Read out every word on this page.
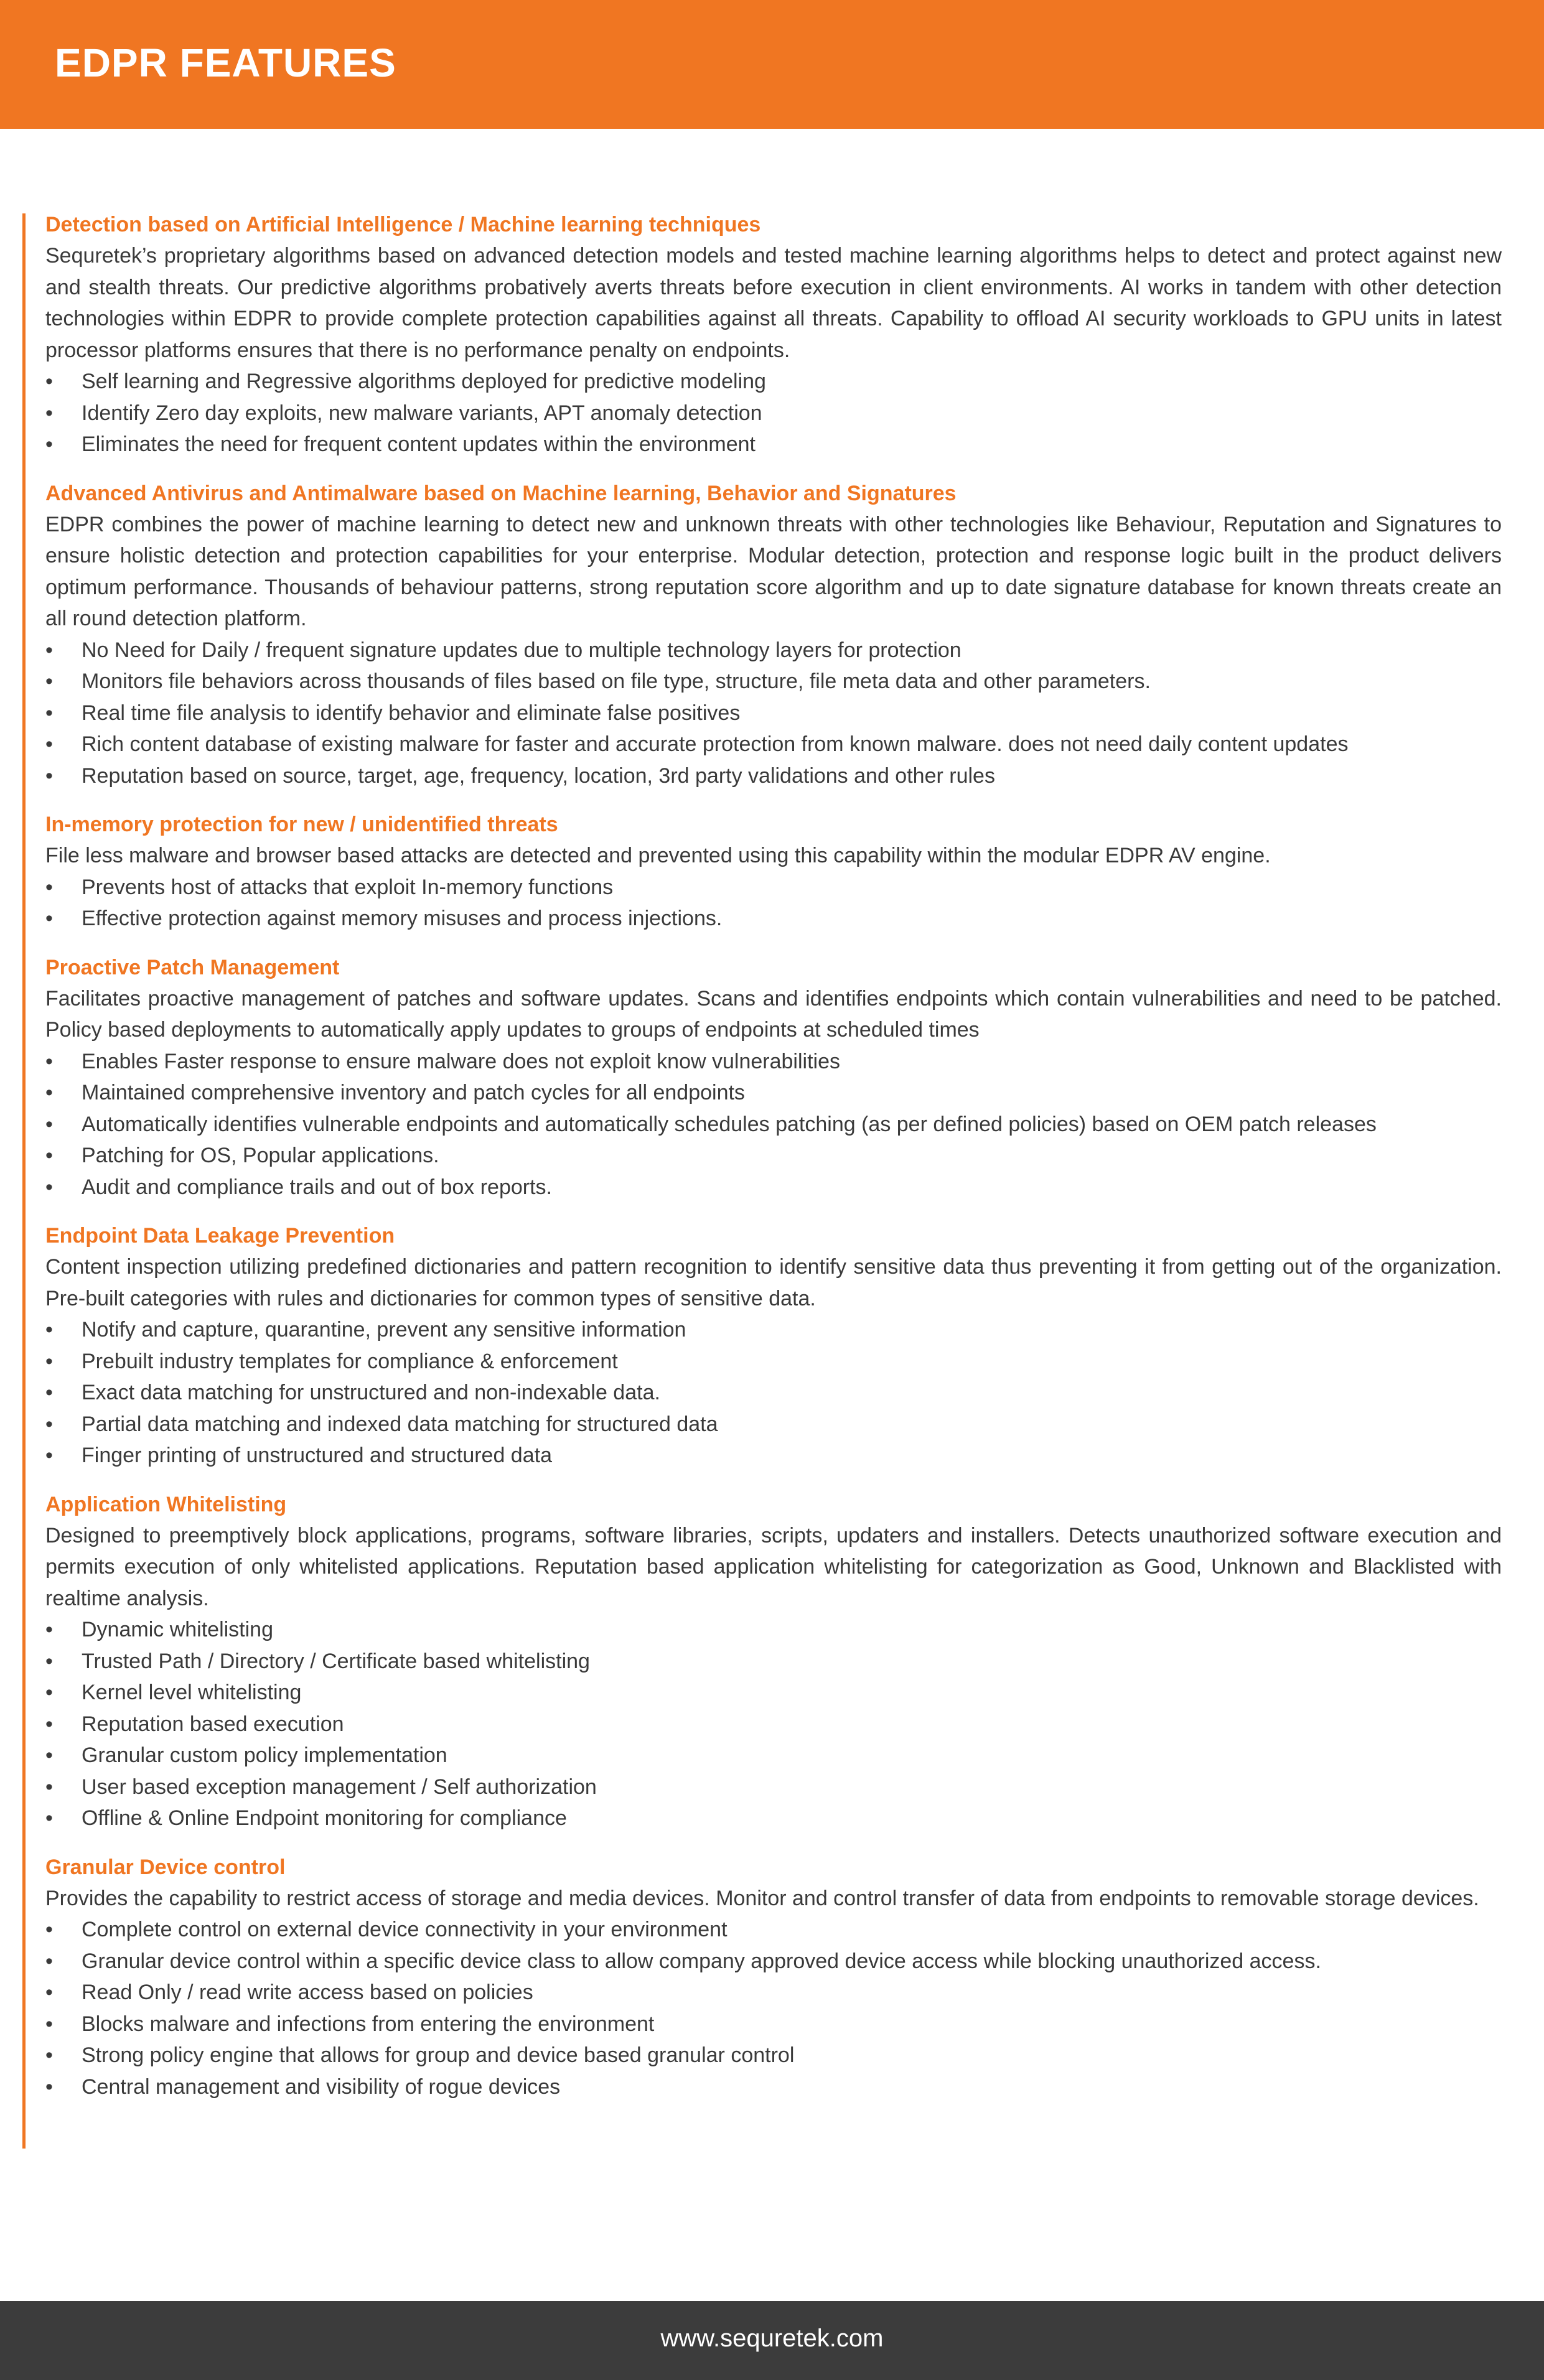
EDPR FEATURES
Detection based on Artificial Intelligence / Machine learning techniques
Sequretek’s proprietary algorithms based on advanced detection models and tested machine learning algorithms helps to detect and protect against new and stealth threats. Our predictive algorithms probatively averts threats before execution in client environments. AI works in tandem with other detection technologies within EDPR to provide complete protection capabilities against all threats. Capability to offload AI security workloads to GPU units in latest processor platforms ensures that there is no performance penalty on endpoints.
• Self learning and Regressive algorithms deployed for predictive modeling
• Identify Zero day exploits, new malware variants, APT anomaly detection
• Eliminates the need for frequent content updates within the environment
Advanced Antivirus and Antimalware based on Machine learning, Behavior and Signatures
EDPR combines the power of machine learning to detect new and unknown threats with other technologies like Behaviour, Reputation and Signatures to ensure holistic detection and protection capabilities for your enterprise. Modular detection, protection and response logic built in the product delivers optimum performance. Thousands of behaviour patterns, strong reputation score algorithm and up to date signature database for known threats create an all round detection platform.
• No Need for Daily / frequent signature updates due to multiple technology layers for protection
• Monitors file behaviors across thousands of files based on file type, structure, file meta data and other parameters.
• Real time file analysis to identify behavior and eliminate false positives
• Rich content database of existing malware for faster and accurate protection from known malware. does not need daily content updates
• Reputation based on source, target, age, frequency, location, 3rd party validations and other rules
In-memory protection for new / unidentified threats
File less malware and browser based attacks are detected and prevented using this capability within the modular EDPR AV engine.
• Prevents host of attacks that exploit In-memory functions
• Effective protection against memory misuses and process injections.
Proactive Patch Management
Facilitates proactive management of patches and software updates. Scans and identifies endpoints which contain vulnerabilities and need to be patched. Policy based deployments to automatically apply updates to groups of endpoints at scheduled times
• Enables Faster response to ensure malware does not exploit know vulnerabilities
• Maintained comprehensive inventory and patch cycles for all endpoints
• Automatically identifies vulnerable endpoints and automatically schedules patching (as per defined policies) based on OEM patch releases
• Patching for OS, Popular applications.
• Audit and compliance trails and out of box reports.
Endpoint Data Leakage Prevention
Content inspection utilizing predefined dictionaries and pattern recognition to identify sensitive data thus preventing it from getting out of the organization. Pre-built categories with rules and dictionaries for common types of sensitive data.
• Notify and capture, quarantine, prevent any sensitive information
• Prebuilt industry templates for compliance & enforcement
• Exact data matching for unstructured and non-indexable data.
• Partial data matching and indexed data matching for structured data
• Finger printing of unstructured and structured data
Application Whitelisting
Designed to preemptively block applications, programs, software libraries, scripts, updaters and installers. Detects unauthorized software execution and permits execution of only whitelisted applications. Reputation based application whitelisting for categorization as Good, Unknown and Blacklisted with realtime analysis.
• Dynamic whitelisting
• Trusted Path / Directory / Certificate based whitelisting
• Kernel level whitelisting
• Reputation based execution
• Granular custom policy implementation
• User based exception management / Self authorization
• Offline & Online Endpoint monitoring for compliance
Granular Device control
Provides the capability to restrict access of storage and media devices. Monitor and control transfer of data from endpoints to removable storage devices.
• Complete control on external device connectivity in your environment
• Granular device control within a specific device class to allow company approved device access while blocking unauthorized access.
• Read Only / read write access based on policies
• Blocks malware and infections from entering the environment
• Strong policy engine that allows for group and device based granular control
• Central management and visibility of rogue devices
www.sequretek.com
